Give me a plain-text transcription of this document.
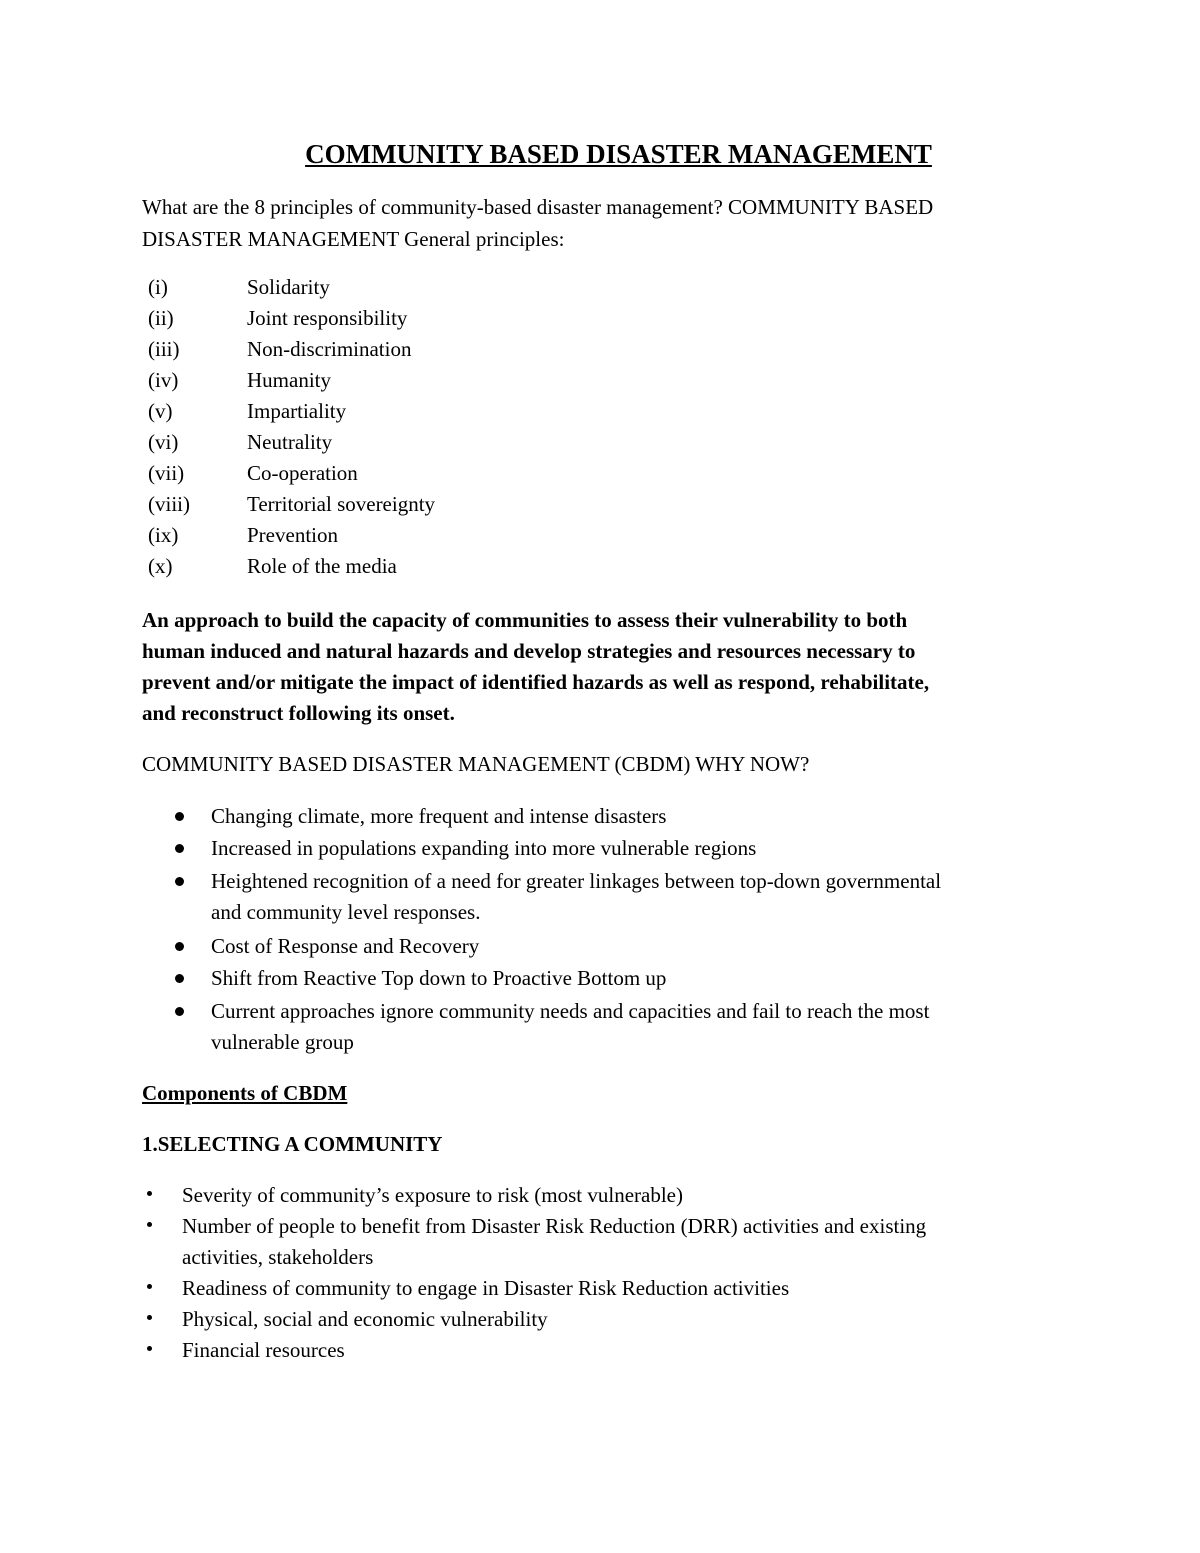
COMMUNITY BASED DISASTER MANAGEMENT
What are the 8 principles of community-based disaster management? COMMUNITY BASED
DISASTER MANAGEMENT General principles:
(i)	Solidarity
(ii)	Joint responsibility
(iii)	Non-discrimination
(iv)	Humanity
(v)	Impartiality
(vi)	Neutrality
(vii)	Co-operation
(viii)	Territorial sovereignty
(ix)	Prevention
(x)	Role of the media
An approach to build the capacity of communities to assess their vulnerability to both
human induced and natural hazards and develop strategies and resources necessary to
prevent and/or mitigate the impact of identified hazards as well as respond, rehabilitate,
and reconstruct following its onset.
COMMUNITY BASED DISASTER MANAGEMENT (CBDM) WHY NOW?
Changing climate, more frequent and intense disasters
Increased in populations expanding into more vulnerable regions
Heightened recognition of a need for greater linkages between top-down governmental
and community level responses.
Cost of Response and Recovery
Shift from Reactive Top down to Proactive Bottom up
Current approaches ignore community needs and capacities and fail to reach the most
vulnerable group
Components of CBDM
1.SELECTING A COMMUNITY
Severity of community’s exposure to risk (most vulnerable)
Number of people to benefit from Disaster Risk Reduction (DRR) activities and existing
activities, stakeholders
Readiness of community to engage in Disaster Risk Reduction activities
Physical, social and economic vulnerability
Financial resources
